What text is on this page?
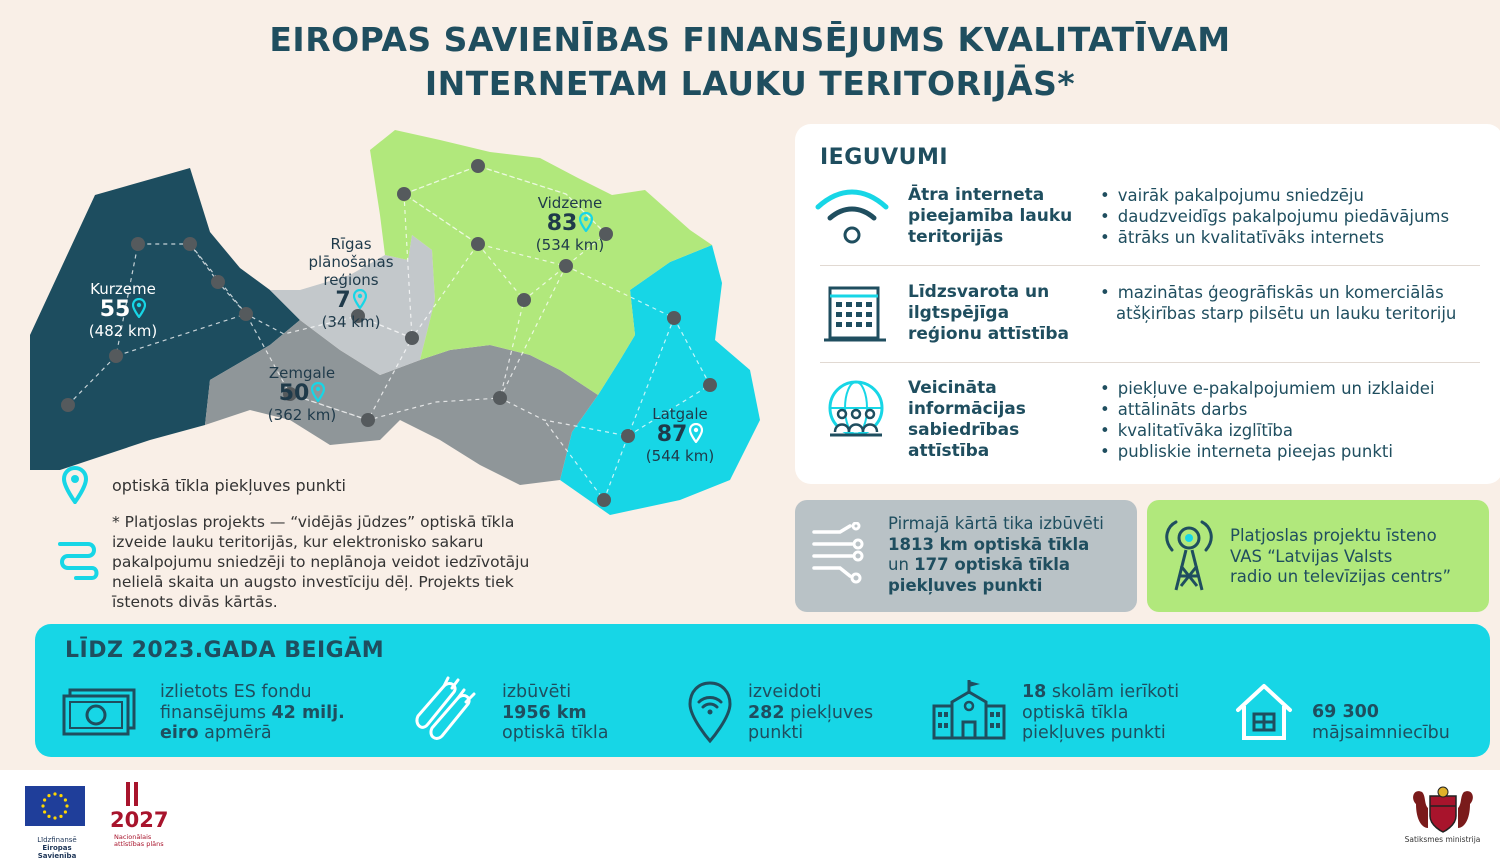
EIROPAS SAVIENĪBAS FINANSĒJUMS KVALITATĪVAM
INTERNETAM LAUKU TERITORIJĀS*
Kurzeme
55
(482 km)
Rīgas plānošanas reģions
7
(34 km)
Vidzeme
83
(534 km)
Zemgale
50
(362 km)	Latgale
87
(544 km)
optiskā tīkla piekļuves punkti
* Platjoslas projekts — “vidējās jūdzes” optiskā tīkla izveide lauku teritorijās, kur elektronisko sakaru pakalpojumu sniedzēji to neplānoja veidot iedzīvotāju nelielā skaita un augsto investīciju dēļ. Projekts tiek īstenots divās kārtās.
IEGUVUMI
Ātra interneta pieejamība lauku teritorijās
• vairāk pakalpojumu sniedzēju
• daudzveidīgs pakalpojumu piedāvājums
• ātrāks un kvalitatīvāks internets
Līdzsvarota un ilgtspējīga reģionu attīstība
• mazinātas ģeogrāfiskās un komerciālās atšķirības starp pilsētu un lauku teritoriju
Veicināta informācijas sabiedrības attīstība
• piekļuve e-pakalpojumiem un izklaidei
• attālināts darbs
• kvalitatīvāka izglītība
• publiskie interneta pieejas punkti
Pirmajā kārtā tika izbūvēti
1813 km optiskā tīkla
un 177 optiskā tīkla
piekļuves punkti
Platjoslas projektu īsteno
VAS “Latvijas Valsts
radio un televīzijas centrs”
LĪDZ 2023.GADA BEIGĀM
izlietots ES fondu
finansējums 42 milj.
eiro apmērā
izbūvēti
1956 km
optiskā tīkla
izveidoti
282 piekļuves
punkti
18 skolām ierīkoti
optiskā tīkla
piekļuves punkti
69 300
mājsaimniecību
Līdzfinansē
Eiropas Savienība
2027
Nacionālais attīstības plāns	Satiksmes ministrija
